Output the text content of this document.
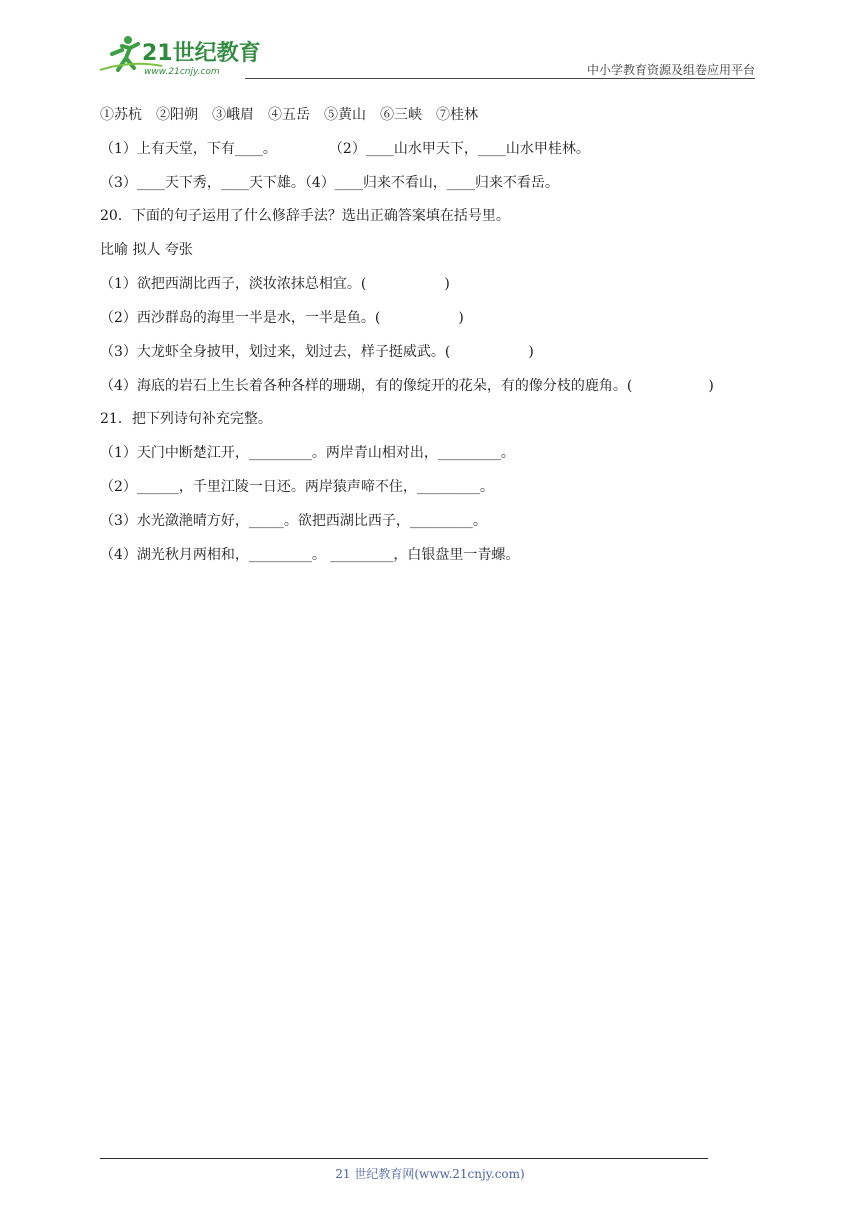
21世纪教育
www.21cnjy.com	中小学教育资源及组卷应用平台
①苏杭　②阳朔　③峨眉　④五岳　⑤黄山　⑥三峡　⑦桂林
（1）上有天堂，下有____。	（2）____山水甲天下，____山水甲桂林。
（3）____天下秀，____天下雄。（4）____归来不看山，____归来不看岳。
20．下面的句子运用了什么修辞手法？选出正确答案填在括号里。
比喻 拟人 夸张
（1）欲把西湖比西子，淡妆浓抹总相宜。(	)
（2）西沙群岛的海里一半是水，一半是鱼。(	)
（3）大龙虾全身披甲，划过来，划过去，样子挺威武。(	)
（4）海底的岩石上生长着各种各样的珊瑚，有的像绽开的花朵，有的像分枝的鹿角。(	)
21．把下列诗句补充完整。
（1）天门中断楚江开，_________。两岸青山相对出，_________。
（2）______，千里江陵一日还。两岸猿声啼不住，_________。
（3）水光潋滟晴方好，_____。欲把西湖比西子，_________。
（4）湖光秋月两相和，_________。 _________，白银盘里一青螺。
21 世纪教育网(www.21cnjy.com)
